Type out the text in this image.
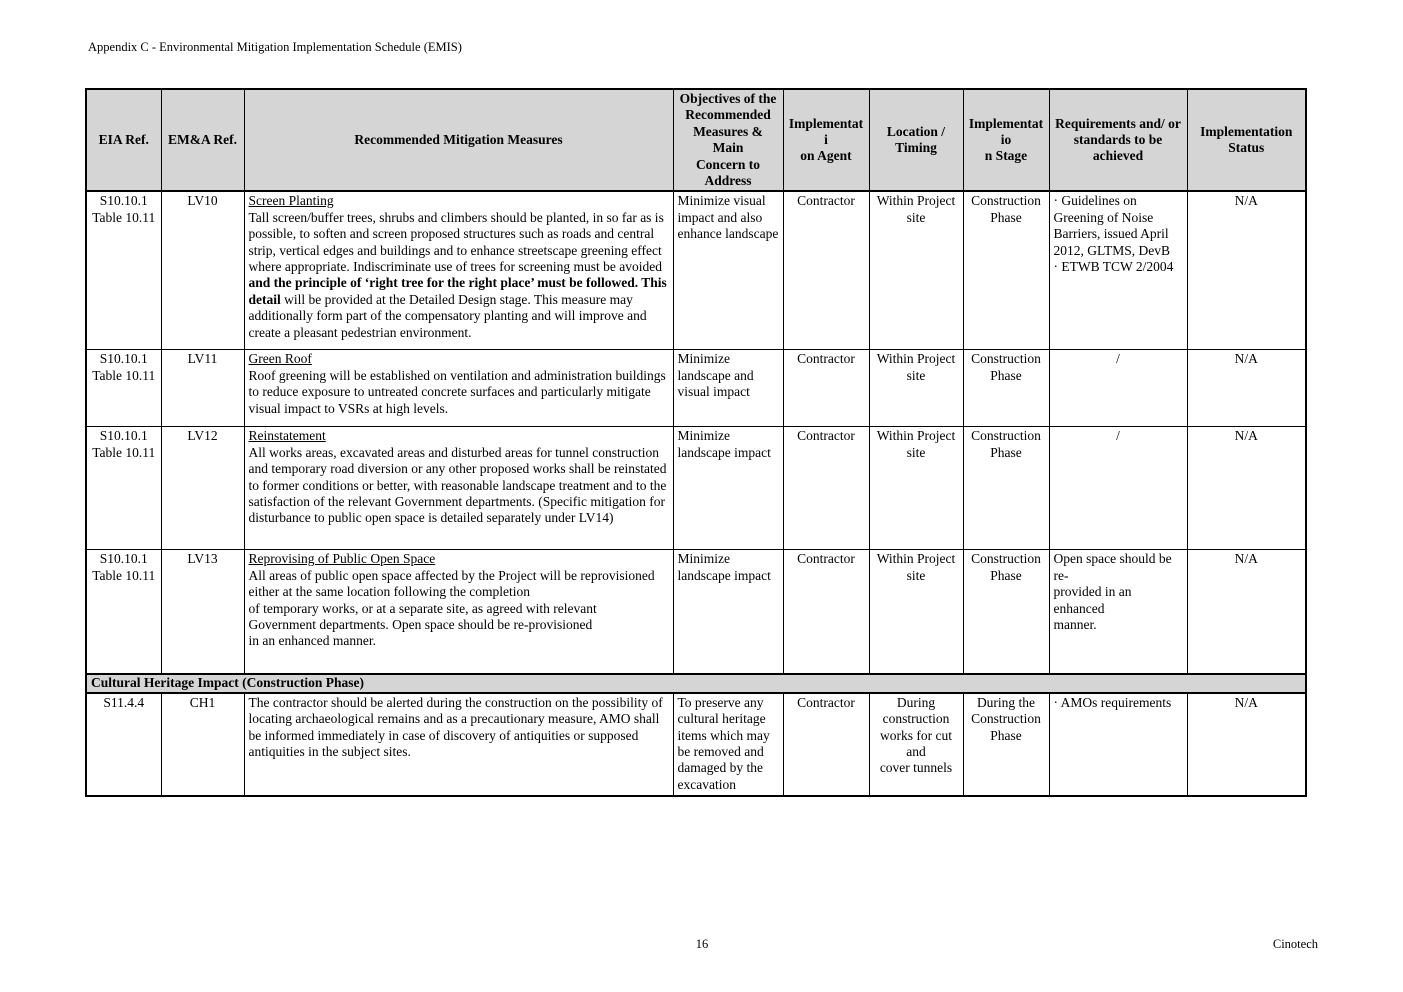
Appendix C - Environmental Mitigation Implementation Schedule (EMIS)
EIA Ref.	EM&A Ref.	Recommended Mitigation Measures	Objectives of the
Recommended
Measures & Main
Concern to
Address	Implementati
on Agent	Location /
Timing	Implementatio
n Stage	Requirements and/ or
standards to be
achieved	Implementation
Status
S10.10.1
Table 10.11	LV10	Screen Planting
Tall screen/buffer trees, shrubs and climbers should be planted, in so far as is possible, to soften and screen proposed structures such as roads and central strip, vertical edges and buildings and to enhance streetscape greening effect where appropriate. Indiscriminate use of trees for screening must be avoided and the principle of ‘right tree for the right place’ must be followed. This detail will be provided at the Detailed Design stage. This measure may additionally form part of the compensatory planting and will improve and create a pleasant pedestrian environment.	Minimize visual
impact and also
enhance landscape	Contractor	Within Project
site	Construction
Phase	· Guidelines on
Greening of Noise
Barriers, issued April
2012, GLTMS, DevB
· ETWB TCW 2/2004	N/A
S10.10.1
Table 10.11	LV11	Green Roof
Roof greening will be established on ventilation and administration buildings to reduce exposure to untreated concrete surfaces and particularly mitigate visual impact to VSRs at high levels.	Minimize
landscape and
visual impact	Contractor	Within Project
site	Construction
Phase	/	N/A
S10.10.1
Table 10.11	LV12	Reinstatement
All works areas, excavated areas and disturbed areas for tunnel construction and temporary road diversion or any other proposed works shall be reinstated to former conditions or better, with reasonable landscape treatment and to the satisfaction of the relevant Government departments. (Specific mitigation for disturbance to public open space is detailed separately under LV14)	Minimize
landscape impact	Contractor	Within Project
site	Construction
Phase	/	N/A
S10.10.1
Table 10.11	LV13	Reprovising of Public Open Space
All areas of public open space affected by the Project will be reprovisioned either at the same location following the completion
of temporary works, or at a separate site, as agreed with relevant
Government departments. Open space should be re-provisioned
in an enhanced manner.	Minimize
landscape impact	Contractor	Within Project
site	Construction
Phase	Open space should be re-
provided in an enhanced
manner.	N/A
Cultural Heritage Impact (Construction Phase)								
S11.4.4	CH1	The contractor should be alerted during the construction on the possibility of locating archaeological remains and as a precautionary measure, AMO shall be informed immediately in case of discovery of antiquities or supposed antiquities in the subject sites.	To preserve any
cultural heritage
items which may
be removed and
damaged by the
excavation	Contractor	During
construction
works for cut and
cover tunnels	During the
Construction
Phase	· AMOs requirements	N/A
16	Cinotech
